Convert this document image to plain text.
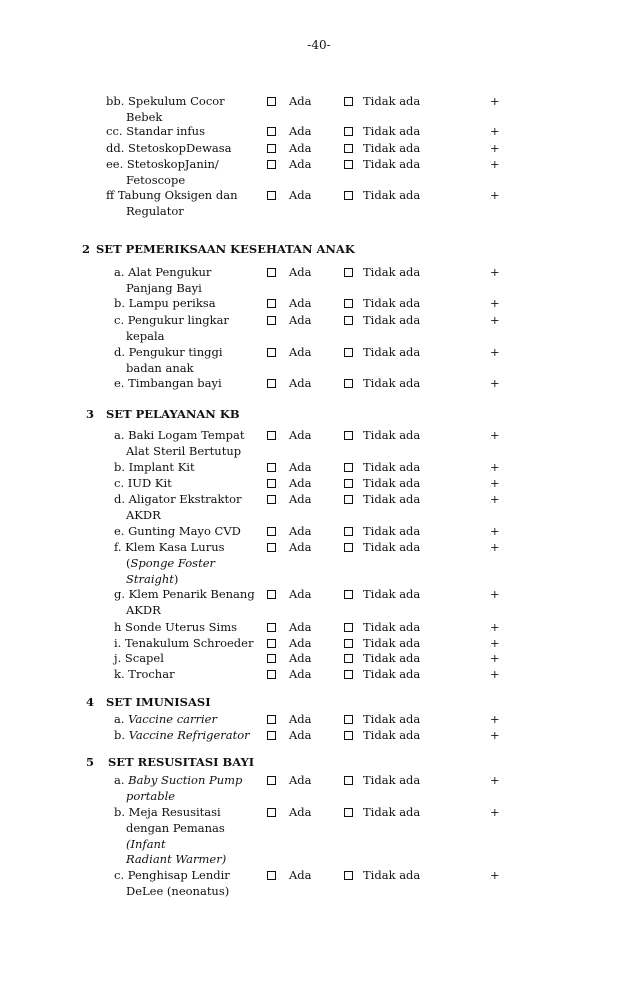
-40-
bb. Spekulum Cocor
Bebek
Ada	Tidak ada	+
cc. Standar infus	Ada	Tidak ada	+
dd. StetoskopDewasa	Ada	Tidak ada	+
ee. StetoskopJanin/
Fetoscope
Ada	Tidak ada	+
ff Tabung Oksigen dan
Regulator
Ada	Tidak ada	+
2 SET PEMERIKSAAN KESEHATAN ANAK
a. Alat Pengukur
Panjang Bayi
Ada	Tidak ada	+
b. Lampu periksa	Ada	Tidak ada	+
c. Pengukur lingkar
kepala
Ada	Tidak ada	+
d. Pengukur tinggi
badan anak
Ada	Tidak ada	+
e. Timbangan bayi	Ada	Tidak ada	+
3 SET PELAYANAN KB
a. Baki Logam Tempat
Alat Steril Bertutup
Ada	Tidak ada	+
b. Implant Kit	Ada	Tidak ada	+
c. IUD Kit	Ada	Tidak ada	+
d. Aligator Ekstraktor
AKDR
Ada	Tidak ada	+
e. Gunting Mayo CVD	Ada	Tidak ada	+
f. Klem Kasa Lurus
(Sponge Foster
Straight)
Ada	Tidak ada	+
g. Klem Penarik Benang
AKDR
Ada	Tidak ada	+
h Sonde Uterus Sims	Ada	Tidak ada	+
i. Tenakulum Schroeder	Ada	Tidak ada	+
j. Scapel	Ada	Tidak ada	+
k. Trochar	Ada	Tidak ada	+
4 SET IMUNISASI
a. Vaccine carrier	Ada	Tidak ada	+
b. Vaccine Refrigerator	Ada	Tidak ada	+
5 SET RESUSITASI BAYI
a. Baby Suction Pump
portable
Ada	Tidak ada	+
b. Meja Resusitasi
dengan Pemanas
(Infant
Radiant Warmer)
Ada	Tidak ada	+
c. Penghisap Lendir
DeLee (neonatus)
Ada	Tidak ada	+
